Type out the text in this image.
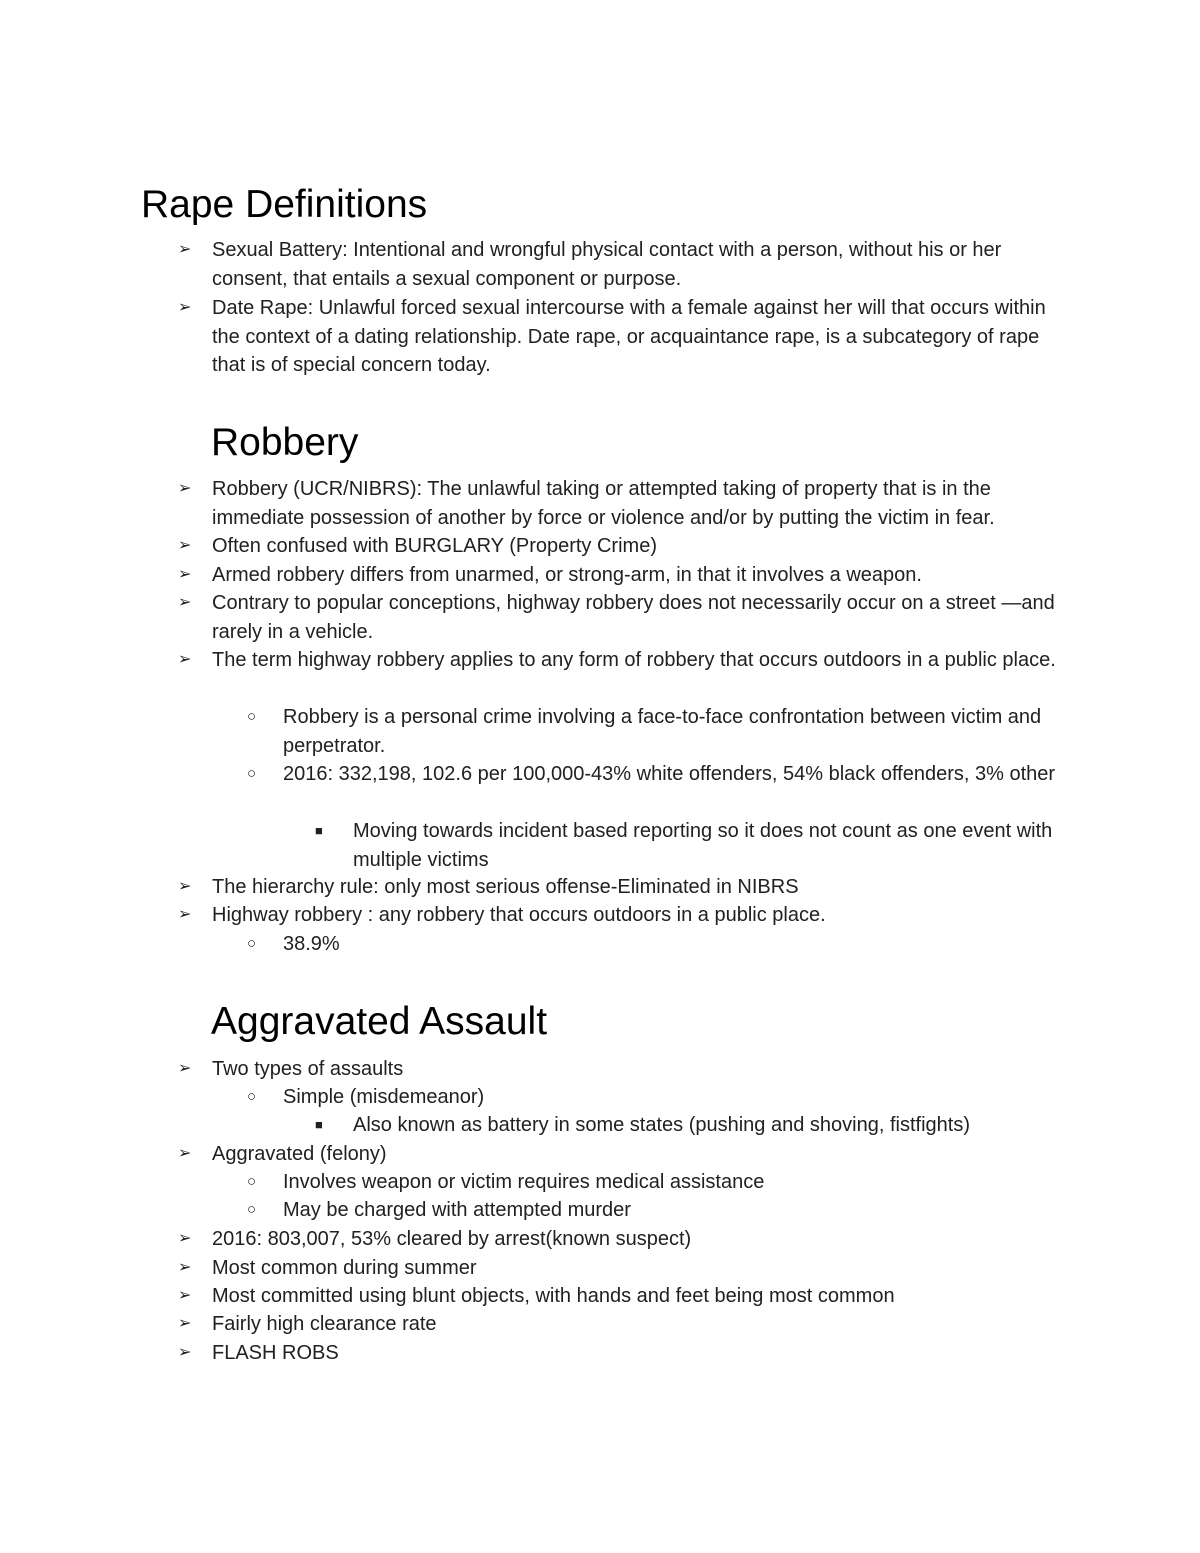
Rape Definitions
➢ Sexual Battery: Intentional and wrongful physical contact with a person, without his or her consent, that entails a sexual component or purpose.
➢ Date Rape: Unlawful forced sexual intercourse with a female against her will that occurs within the context of a dating relationship. Date rape, or acquaintance rape, is a subcategory of rape that is of special concern today.
Robbery
➢ Robbery (UCR/NIBRS): The unlawful taking or attempted taking of property that is in the immediate possession of another by force or violence and/or by putting the victim in fear.
➢ Often confused with BURGLARY (Property Crime)
➢ Armed robbery differs from unarmed, or strong-arm, in that it involves a weapon.
➢ Contrary to popular conceptions, highway robbery does not necessarily occur on a street —and rarely in a vehicle.
➢ The term highway robbery applies to any form of robbery that occurs outdoors in a public place.
○ Robbery is a personal crime involving a face-to-face confrontation between victim and perpetrator.
○ 2016: 332,198, 102.6 per 100,000-43% white offenders, 54% black offenders, 3% other
■ Moving towards incident based reporting so it does not count as one event with multiple victims
➢ The hierarchy rule: only most serious offense-Eliminated in NIBRS
➢ Highway robbery : any robbery that occurs outdoors in a public place.
○ 38.9%
Aggravated Assault
➢ Two types of assaults
○ Simple (misdemeanor)
■ Also known as battery in some states (pushing and shoving, fistfights)
➢ Aggravated (felony)
○ Involves weapon or victim requires medical assistance
○ May be charged with attempted murder
➢ 2016: 803,007, 53% cleared by arrest(known suspect)
➢ Most common during summer
➢ Most committed using blunt objects, with hands and feet being most common
➢ Fairly high clearance rate
➢ FLASH ROBS
